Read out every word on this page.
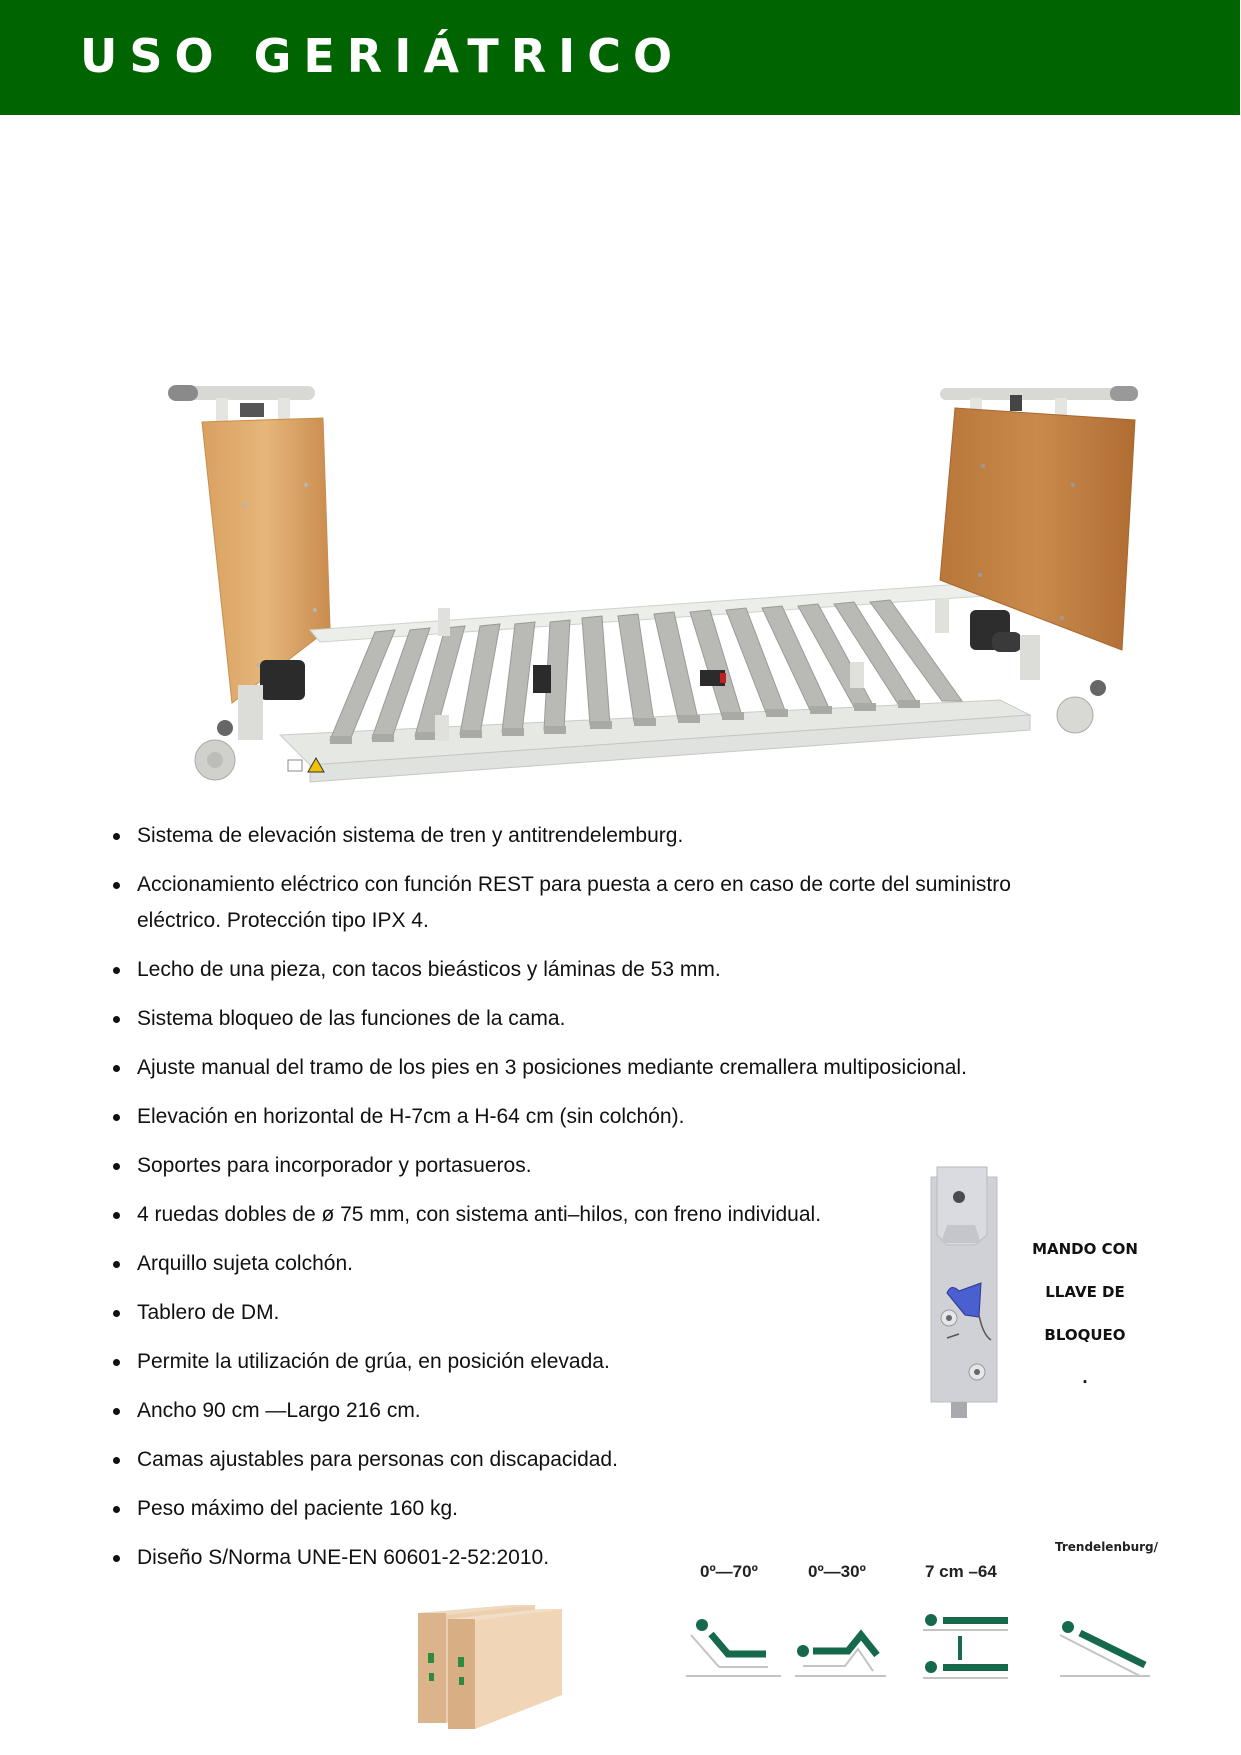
USO GERIÁTRICO
Sistema de elevación sistema de tren y antitrendelemburg.
Accionamiento eléctrico con función REST para puesta a cero en caso de corte del suministro eléctrico. Protección tipo IPX 4.
Lecho de una pieza, con tacos bieásticos y láminas de 53 mm.
Sistema bloqueo de las funciones de la cama.
Ajuste manual del tramo de los pies en 3 posiciones mediante cremallera multiposicional.
Elevación en horizontal de H-7cm a H-64 cm (sin colchón).
Soportes para incorporador y portasueros.
4 ruedas dobles de ø 75 mm, con sistema anti–hilos, con freno individual.
Arquillo sujeta colchón.
Tablero de DM.
Permite la utilización de grúa, en posición elevada.
Ancho 90 cm —Largo 216 cm.
Camas ajustables para personas con discapacidad.
Peso máximo del paciente 160 kg.
Diseño S/Norma UNE-EN 60601-2-52:2010.
MANDO CON
LLAVE DE
BLOQUEO
.
0º—70º	0º—30º	7 cm –64
Trendelenburg/
